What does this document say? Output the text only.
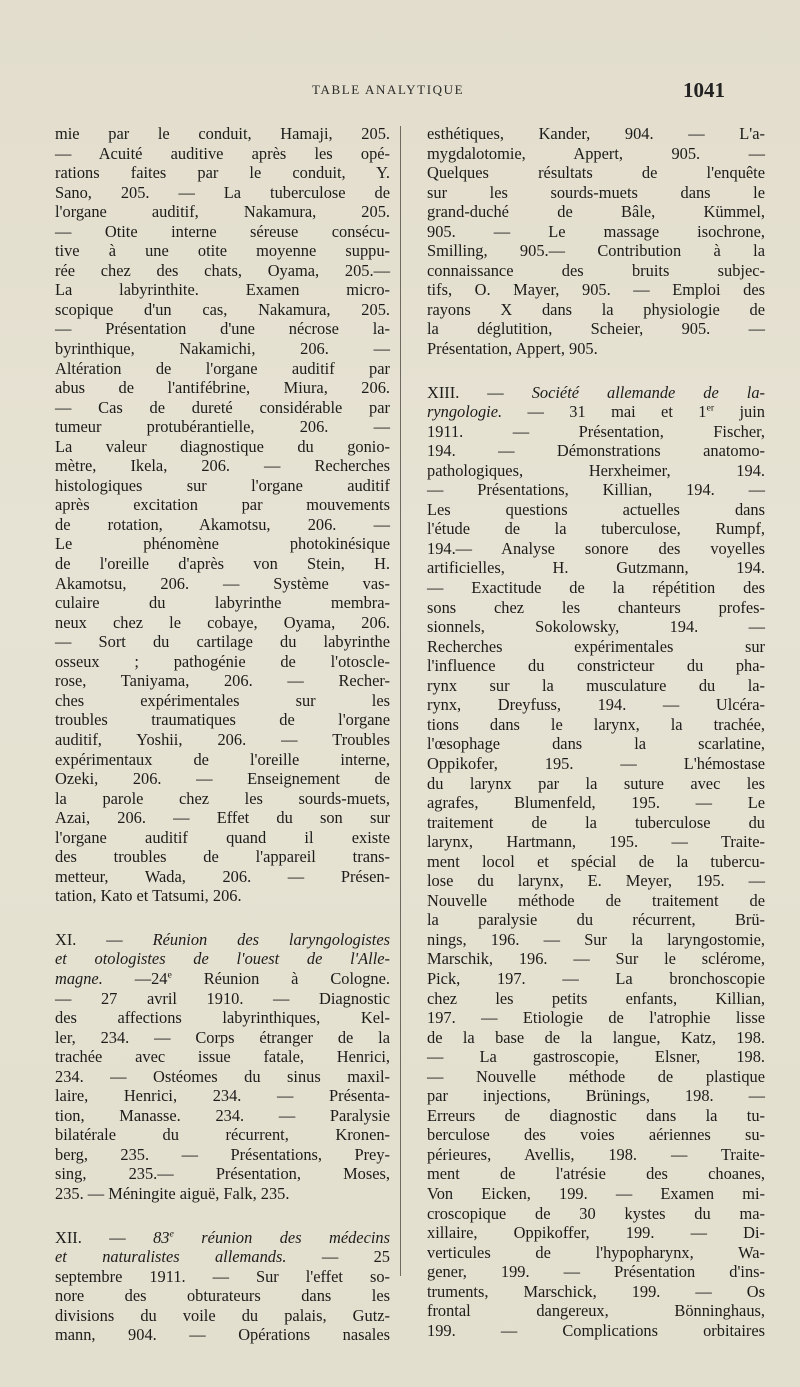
TABLE ANALYTIQUE	1041
mie par le conduit, Hamaji, 205.
— Acuité auditive après les opé-
rations faites par le conduit, Y.
Sano, 205. — La tuberculose de
l'organe auditif, Nakamura, 205.
— Otite interne séreuse consécu-
tive à une otite moyenne suppu-
rée chez des chats, Oyama, 205.—
La labyrinthite. Examen micro-
scopique d'un cas, Nakamura, 205.
— Présentation d'une nécrose la-
byrinthique, Nakamichi, 206. —
Altération de l'organe auditif par
abus de l'antifébrine, Miura, 206.
— Cas de dureté considérable par
tumeur protubérantielle, 206. —
La valeur diagnostique du gonio-
mètre, Ikela, 206. — Recherches
histologiques sur l'organe auditif
après excitation par mouvements
de rotation, Akamotsu, 206. —
Le phénomène photokinésique
de l'oreille d'après von Stein, H.
Akamotsu, 206. — Système vas-
culaire du labyrinthe membra-
neux chez le cobaye, Oyama, 206.
— Sort du cartilage du labyrinthe
osseux ; pathogénie de l'otoscle-
rose, Taniyama, 206. — Recher-
ches expérimentales sur les
troubles traumatiques de l'organe
auditif, Yoshii, 206. — Troubles
expérimentaux de l'oreille interne,
Ozeki, 206. — Enseignement de
la parole chez les sourds-muets,
Azai, 206. — Effet du son sur
l'organe auditif quand il existe
des troubles de l'appareil trans-
metteur, Wada, 206. — Présen-
tation, Kato et Tatsumi, 206.
XI. — Réunion des laryngologistes
et otologistes de l'ouest de l'Alle-
magne. —24e Réunion à Cologne.
— 27 avril 1910. — Diagnostic
des affections labyrinthiques, Kel-
ler, 234. — Corps étranger de la
trachée avec issue fatale, Henrici,
234. — Ostéomes du sinus maxil-
laire, Henrici, 234. — Présenta-
tion, Manasse. 234. — Paralysie
bilatérale du récurrent, Kronen-
berg, 235. — Présentations, Prey-
sing, 235.— Présentation, Moses,
235. — Méningite aiguë, Falk, 235.
XII. — 83e réunion des médecins
et naturalistes allemands. — 25
septembre 1911. — Sur l'effet so-
nore des obturateurs dans les
divisions du voile du palais, Gutz-
mann, 904. — Opérations nasales
esthétiques, Kander, 904. — L'a-
mygdalotomie, Appert, 905. —
Quelques résultats de l'enquête
sur les sourds-muets dans le
grand-duché de Bâle, Kümmel,
905. — Le massage isochrone,
Smilling, 905.— Contribution à la
connaissance des bruits subjec-
tifs, O. Mayer, 905. — Emploi des
rayons X dans la physiologie de
la déglutition, Scheier, 905. —
Présentation, Appert, 905.
XIII. — Société allemande de la-
ryngologie. — 31 mai et 1er juin
1911. — Présentation, Fischer,
194. — Démonstrations anatomo-
pathologiques, Herxheimer, 194.
— Présentations, Killian, 194. —
Les questions actuelles dans
l'étude de la tuberculose, Rumpf,
194.— Analyse sonore des voyelles
artificielles, H. Gutzmann, 194.
— Exactitude de la répétition des
sons chez les chanteurs profes-
sionnels, Sokolowsky, 194. —
Recherches expérimentales sur
l'influence du constricteur du pha-
rynx sur la musculature du la-
rynx, Dreyfuss, 194. — Ulcéra-
tions dans le larynx, la trachée,
l'œsophage dans la scarlatine,
Oppikofer, 195. — L'hémostase
du larynx par la suture avec les
agrafes, Blumenfeld, 195. — Le
traitement de la tuberculose du
larynx, Hartmann, 195. — Traite-
ment locol et spécial de la tubercu-
lose du larynx, E. Meyer, 195. —
Nouvelle méthode de traitement de
la paralysie du récurrent, Brü-
nings, 196. — Sur la laryngostomie,
Marschik, 196. — Sur le sclérome,
Pick, 197. — La bronchoscopie
chez les petits enfants, Killian,
197. — Etiologie de l'atrophie lisse
de la base de la langue, Katz, 198.
— La gastroscopie, Elsner, 198.
— Nouvelle méthode de plastique
par injections, Brünings, 198. —
Erreurs de diagnostic dans la tu-
berculose des voies aériennes su-
périeures, Avellis, 198. — Traite-
ment de l'atrésie des choanes,
Von Eicken, 199. — Examen mi-
croscopique de 30 kystes du ma-
xillaire, Oppikoffer, 199. — Di-
verticules de l'hypopharynx, Wa-
gener, 199. — Présentation d'ins-
truments, Marschick, 199. — Os
frontal dangereux, Bönninghaus,
199. — Complications orbitaires
